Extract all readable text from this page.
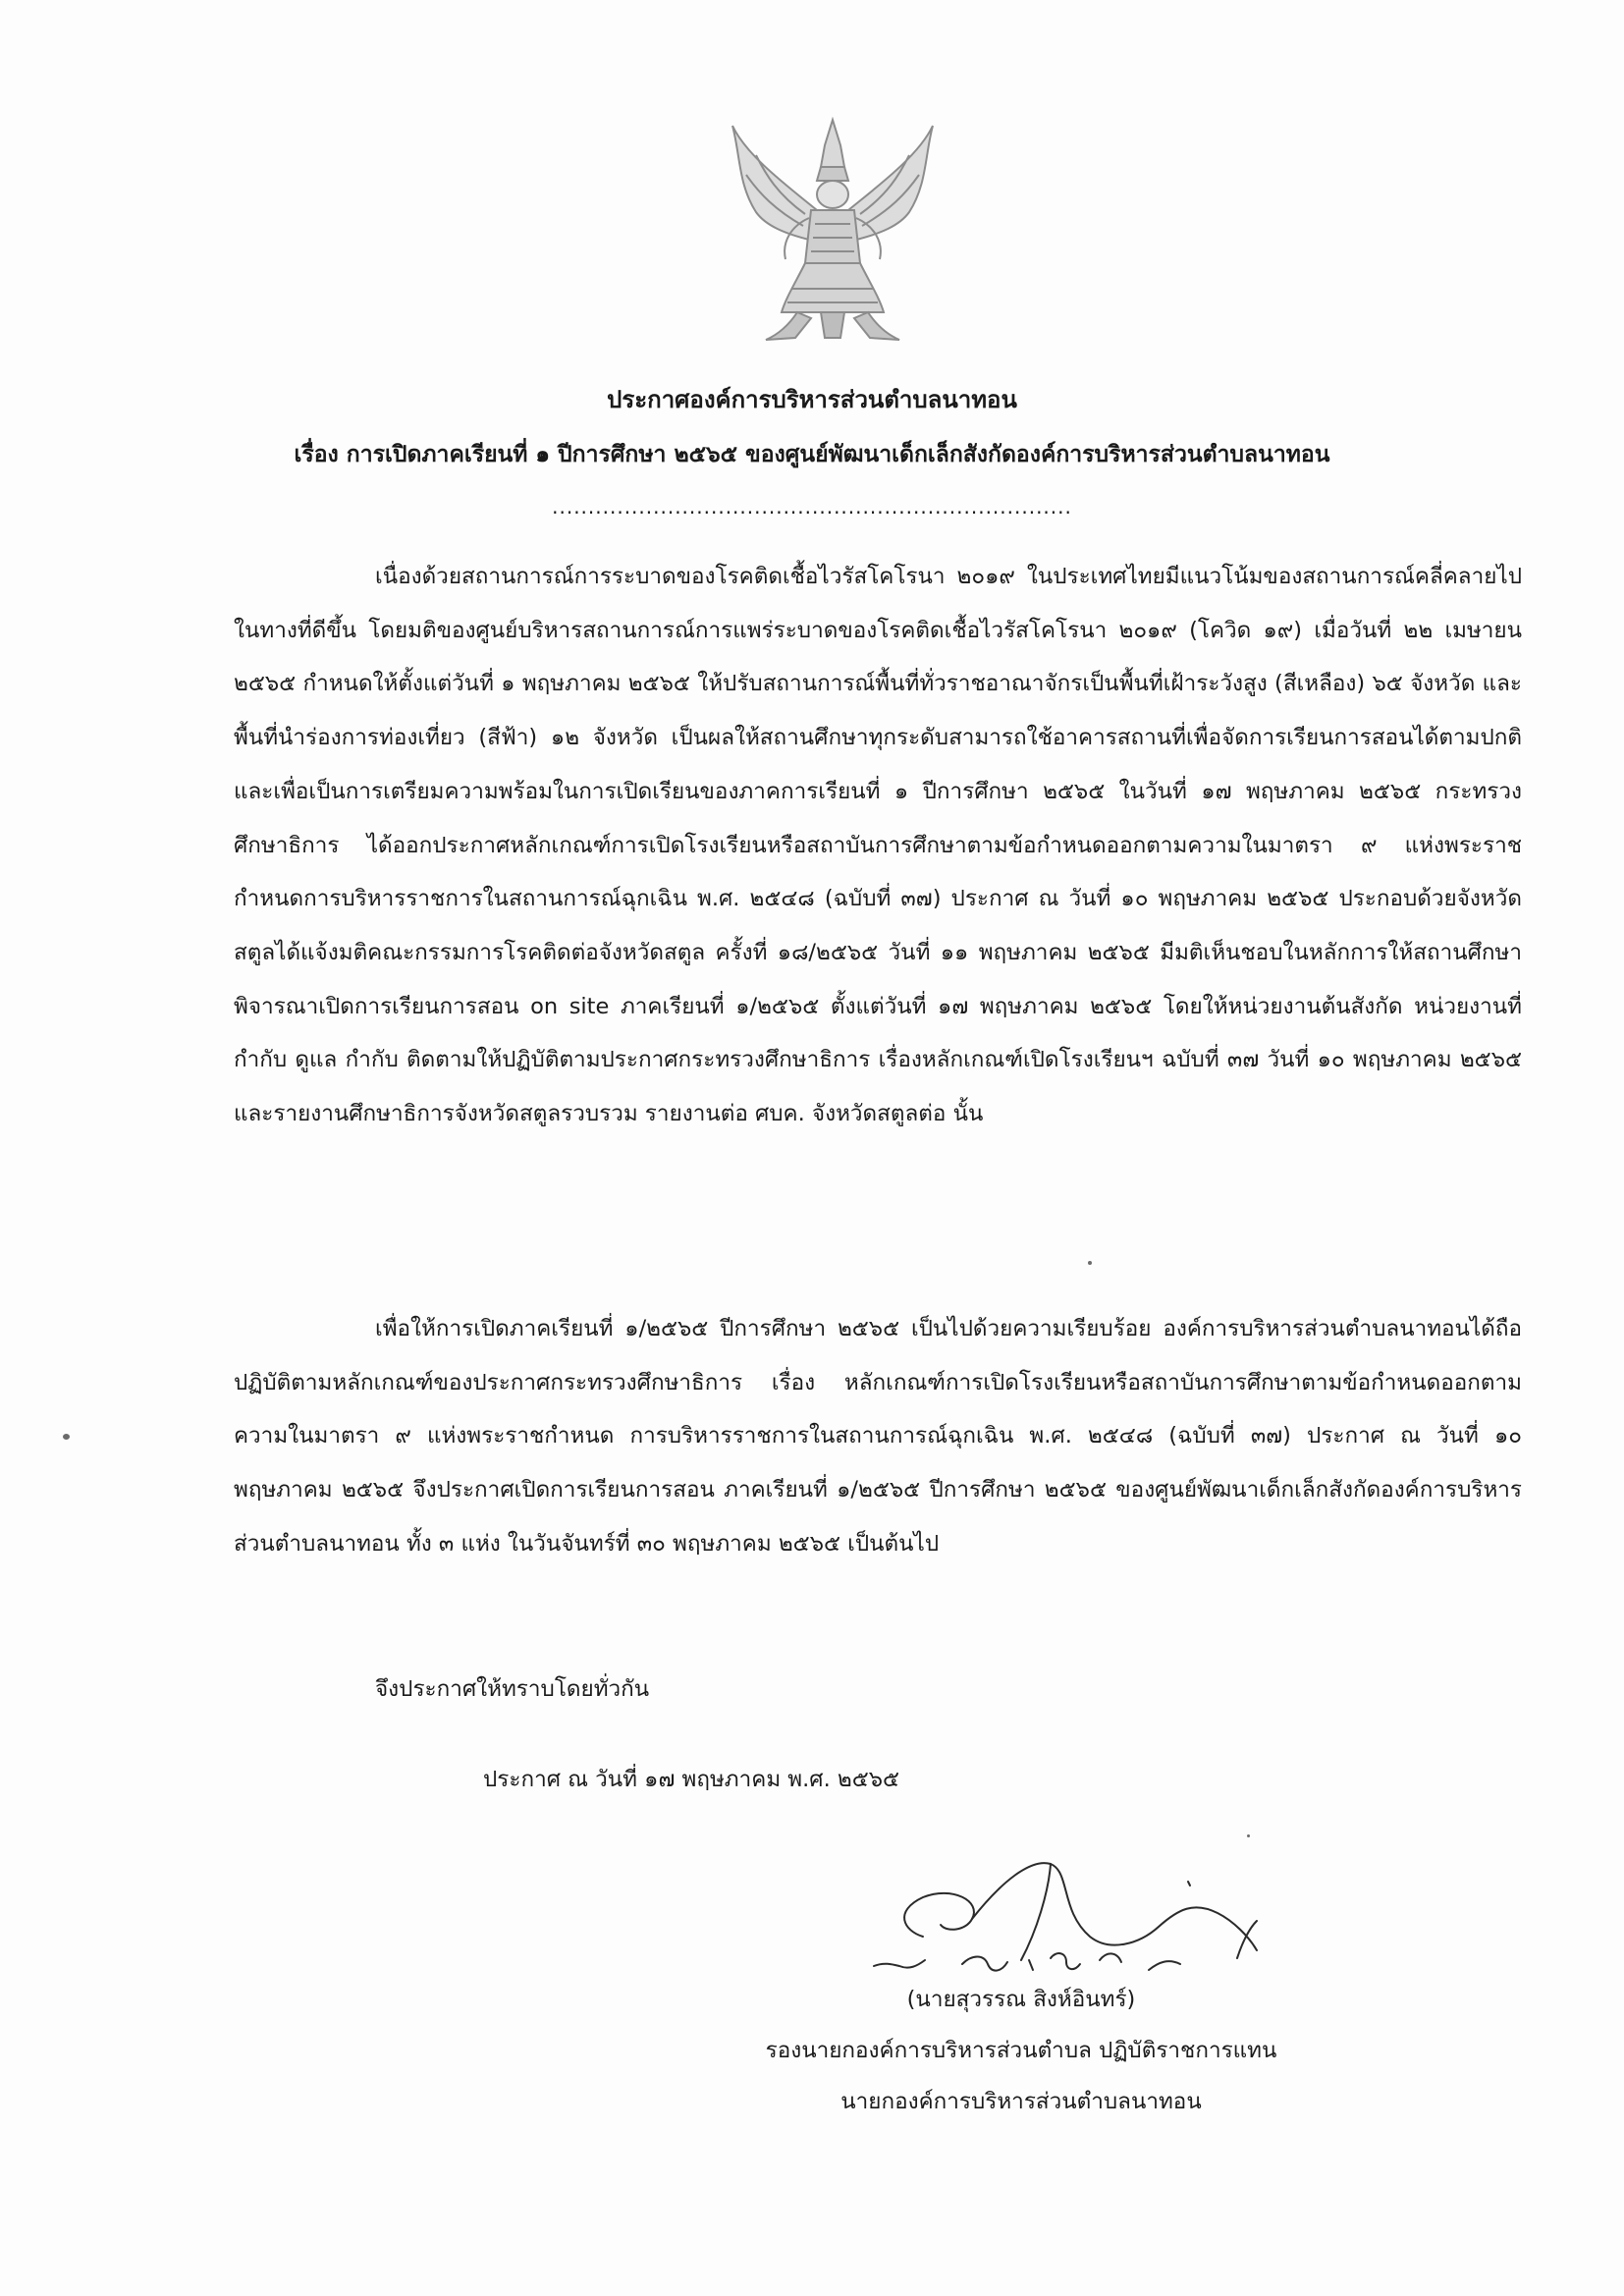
ประกาศองค์การบริหารส่วนตำบลนาทอน
เรื่อง การเปิดภาคเรียนที่ ๑ ปีการศึกษา ๒๕๖๕ ของศูนย์พัฒนาเด็กเล็กสังกัดองค์การบริหารส่วนตำบลนาทอน
........................................................................

เนื่องด้วยสถานการณ์การระบาดของโรคติดเชื้อไวรัสโคโรนา ๒๐๑๙ ในประเทศไทยมีแนวโน้มของสถานการณ์คลี่คลายไปในทางที่ดีขึ้น โดยมติของศูนย์บริหารสถานการณ์การแพร่ระบาดของโรคติดเชื้อไวรัสโคโรนา ๒๐๑๙ (โควิด ๑๙) เมื่อวันที่ ๒๒ เมษายน ๒๕๖๕ กำหนดให้ตั้งแต่วันที่ ๑ พฤษภาคม ๒๕๖๕ ให้ปรับสถานการณ์พื้นที่ทั่วราชอาณาจักรเป็นพื้นที่เฝ้าระวังสูง (สีเหลือง) ๖๕ จังหวัด และพื้นที่นำร่องการท่องเที่ยว (สีฟ้า) ๑๒ จังหวัด เป็นผลให้สถานศึกษาทุกระดับสามารถใช้อาคารสถานที่เพื่อจัดการเรียนการสอนได้ตามปกติ และเพื่อเป็นการเตรียมความพร้อมในการเปิดเรียนของภาคการเรียนที่ ๑ ปีการศึกษา ๒๕๖๕ ในวันที่ ๑๗ พฤษภาคม ๒๕๖๕ กระทรวงศึกษาธิการ ได้ออกประกาศหลักเกณฑ์การเปิดโรงเรียนหรือสถาบันการศึกษาตามข้อกำหนดออกตามความในมาตรา ๙ แห่งพระราชกำหนดการบริหารราชการในสถานการณ์ฉุกเฉิน พ.ศ. ๒๕๔๘ (ฉบับที่ ๓๗) ประกาศ ณ วันที่ ๑๐ พฤษภาคม ๒๕๖๕ ประกอบด้วยจังหวัดสตูลได้แจ้งมติคณะกรรมการโรคติดต่อจังหวัดสตูล ครั้งที่ ๑๘/๒๕๖๕ วันที่ ๑๑ พฤษภาคม ๒๕๖๕ มีมติเห็นชอบในหลักการให้สถานศึกษาพิจารณาเปิดการเรียนการสอน on site ภาคเรียนที่ ๑/๒๕๖๕ ตั้งแต่วันที่ ๑๗ พฤษภาคม ๒๕๖๕ โดยให้หน่วยงานต้นสังกัด หน่วยงานที่กำกับ ดูแล กำกับ ติดตามให้ปฏิบัติตามประกาศกระทรวงศึกษาธิการ เรื่องหลักเกณฑ์เปิดโรงเรียนฯ ฉบับที่ ๓๗ วันที่ ๑๐ พฤษภาคม ๒๕๖๕ และรายงานศึกษาธิการจังหวัดสตูลรวบรวม รายงานต่อ ศบค. จังหวัดสตูลต่อ นั้น

เพื่อให้การเปิดภาคเรียนที่ ๑/๒๕๖๕ ปีการศึกษา ๒๕๖๕ เป็นไปด้วยความเรียบร้อย องค์การบริหารส่วนตำบลนาทอนได้ถือปฏิบัติตามหลักเกณฑ์ของประกาศกระทรวงศึกษาธิการ เรื่อง หลักเกณฑ์การเปิดโรงเรียนหรือสถาบันการศึกษาตามข้อกำหนดออกตามความในมาตรา ๙ แห่งพระราชกำหนด การบริหารราชการในสถานการณ์ฉุกเฉิน พ.ศ. ๒๕๔๘ (ฉบับที่ ๓๗) ประกาศ ณ วันที่ ๑๐ พฤษภาคม ๒๕๖๕ จึงประกาศเปิดการเรียนการสอน ภาคเรียนที่ ๑/๒๕๖๕ ปีการศึกษา ๒๕๖๕ ของศูนย์พัฒนาเด็กเล็กสังกัดองค์การบริหารส่วนตำบลนาทอน ทั้ง ๓ แห่ง ในวันจันทร์ที่ ๓๐ พฤษภาคม ๒๕๖๕ เป็นต้นไป

จึงประกาศให้ทราบโดยทั่วกัน
ประกาศ ณ วันที่ ๑๗ พฤษภาคม พ.ศ. ๒๕๖๕
(นายสุวรรณ สิงห์อินทร์)
รองนายกองค์การบริหารส่วนตำบล ปฏิบัติราชการแทน
นายกองค์การบริหารส่วนตำบลนาทอน
